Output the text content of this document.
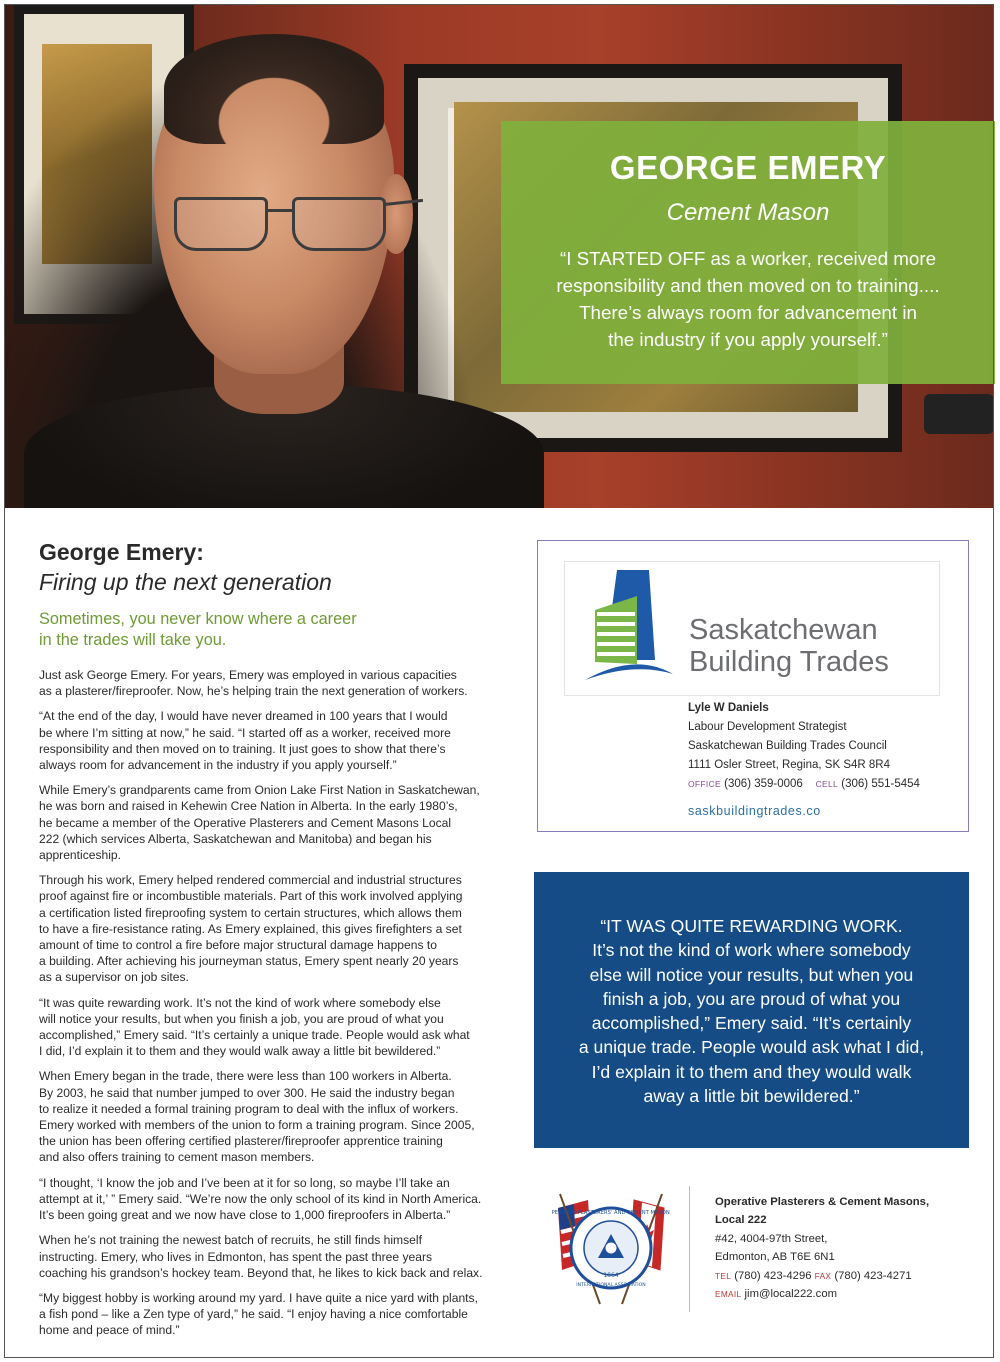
GEORGE EMERY
Cement Mason
“I STARTED OFF as a worker, received more
responsibility and then moved on to training....
There’s always room for advancement in
the industry if you apply yourself.”
George Emery:
Firing up the next generation
Sometimes, you never know where a career
in the trades will take you.

Just ask George Emery. For years, Emery was employed in various capacities
as a plasterer/fireproofer. Now, he’s helping train the next generation of workers.

“At the end of the day, I would have never dreamed in 100 years that I would
be where I’m sitting at now,” he said. “I started off as a worker, received more
responsibility and then moved on to training. It just goes to show that there’s
always room for advancement in the industry if you apply yourself.”

While Emery’s grandparents came from Onion Lake First Nation in Saskatchewan,
he was born and raised in Kehewin Cree Nation in Alberta. In the early 1980’s,
he became a member of the Operative Plasterers and Cement Masons Local
222 (which services Alberta, Saskatchewan and Manitoba) and began his
apprenticeship.

Through his work, Emery helped rendered commercial and industrial structures
proof against fire or incombustible materials. Part of this work involved applying
a certification listed fireproofing system to certain structures, which allows them
to have a fire-resistance rating. As Emery explained, this gives firefighters a set
amount of time to control a fire before major structural damage happens to
a building. After achieving his journeyman status, Emery spent nearly 20 years
as a supervisor on job sites.

“It was quite rewarding work. It’s not the kind of work where somebody else
will notice your results, but when you finish a job, you are proud of what you
accomplished,” Emery said. “It’s certainly a unique trade. People would ask what
I did, I’d explain it to them and they would walk away a little bit bewildered.”

When Emery began in the trade, there were less than 100 workers in Alberta.
By 2003, he said that number jumped to over 300. He said the industry began
to realize it needed a formal training program to deal with the influx of workers.
Emery worked with members of the union to form a training program. Since 2005,
the union has been offering certified plasterer/fireproofer apprentice training
and also offers training to cement mason members.

“I thought, ‘I know the job and I’ve been at it for so long, so maybe I’ll take an
attempt at it,’ ” Emery said. “We’re now the only school of its kind in North America.
It’s been going great and we now have close to 1,000 fireproofers in Alberta.”

When he’s not training the newest batch of recruits, he still finds himself
instructing. Emery, who lives in Edmonton, has spent the past three years
coaching his grandson’s hockey team. Beyond that, he likes to kick back and relax.

“My biggest hobby is working around my yard. I have quite a nice yard with plants,
a fish pond – like a Zen type of yard,” he said. “I enjoy having a nice comfortable
home and peace of mind.”

Saskatchewan
Building Trades
Lyle W Daniels
Labour Development Strategist
Saskatchewan Building Trades Council
1111 Osler Street, Regina, SK S4R 8R4
OFFICE (306) 359-0006 CELL (306) 551-5454
saskbuildingtrades.co
“IT WAS QUITE REWARDING WORK.
It’s not the kind of work where somebody
else will notice your results, but when you
finish a job, you are proud of what you
accomplished,” Emery said. “It’s certainly
a unique trade. People would ask what I did,
I’d explain it to them and they would walk
away a little bit bewildered.”
OPERATIVE PLASTERERS' AND CEMENT MASONS'
INTERNATIONAL ASSOCIATION
1864
Operative Plasterers & Cement Masons,
Local 222
#42, 4004-97th Street,
Edmonton, AB T6E 6N1
TEL (780) 423-4296 FAX (780) 423-4271
EMAIL jim@local222.com
